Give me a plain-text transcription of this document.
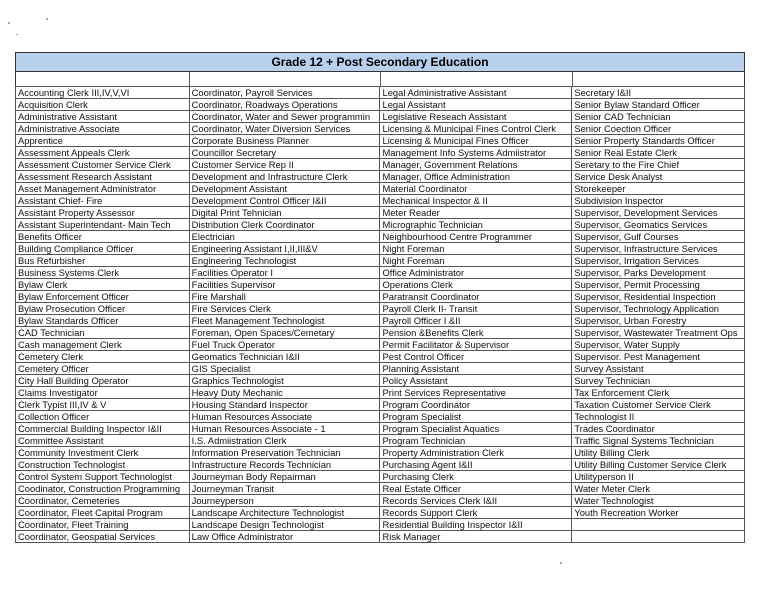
Grade 12 + Post Secondary Education
Accounting Clerk III,IV,V,VI	Coordinator, Payroll Services	Legal Administrative Assistant	Secretary I&II
Acquisition Clerk	Coordinator, Roadways Operations	Legal Assistant	Senior Bylaw Standard Officer
Administrative Assistant	Coordinator, Water and Sewer programmin	Legislative Reseach Assistant	Senior CAD Technician
Administrative Associate	Coordinator, Water Diversion Services	Licensing & Municipal Fines Control Clerk	Senior Coection Officer
Apprentice	Corporate Business Planner	Licensing & Municipal Fines Officer	Senior Property Standards Officer
Assessment Appeals Clerk	Councillor Secretary	Management Info Systems Admiistrator	Senior Real Estate Clerk
Assessment Customer Service Clerk	Customer Service Rep II	Manager, Government Relations	Seretary to the Fire Chief
Assessment Research Assistant	Development and Infrastructure Clerk	Manager, Office Administration	Service Desk Analyst
Asset Management Administrator	Development Assistant	Material Coordinator	Storekeeper
Assistant Chief- Fire	Development Control Officer I&II	Mechanical Inspector & II	Subdivision Inspector
Assistant Property Assessor	Digital Print Tehnician	Meter Reader	Supervisor, Development Services
Assistant Superintendant- Main Tech	Distribution Clerk Coordinator	Micrographic Technician	Supervisor, Geomatics Services
Benefits Officer	Electrician	Neighbourhood Centre Programmer	Supervisor, Gulf Courses
Building Compliance Officer	Engineering Assistant I,II,III&V	Night Foreman	Supervisor, Infrastructure Services
Bus Refurbisher	Engineering Technologist	Night Foreman	Supervisor, Irrigation Services
Business Systems Clerk	Facilities Operator I	Office Administrator	Supervisor, Parks Development
Bylaw Clerk	Facilities Supervisor	Operations Clerk	Supervisor, Permit Processing
Bylaw Enforcement Officer	Fire Marshall	Paratransit Coordinator	Supervisor, Residential Inspection
Bylaw Prosecution Officer	Fire Services Clerk	Payroll Clerk II- Transit	Supervisor, Technology Application
Bylaw Standards Officer	Fleet Management Technologist	Payroll Officer I &II	Supervisor, Urban Forestry
CAD Technician	Foreman, Open Spaces/Cemetary	Pension &Benefits Clerk	Supervisor, Wastewater Treatment Ops
Cash management Clerk	Fuel Truck Operator	Permit Facilitator & Supervisor	Supervisor, Water Supply
Cemetery Clerk	Geomatics Technician I&II	Pest Control Officer	Supervisor. Pest Management
Cemetery Officer	GIS Specialist	Planning Assistant	Survey Assistant
City Hall Building Operator	Graphics Technologist	Policy Assistant	Survey Technician
Claims Investigator	Heavy Duty Mechanic	Print Services Representative	Tax Enforcement Clerk
Clerk Typist III,IV & V	Housing Standard Inspector	Program Coordinator	Taxation Customer Service Clerk
Collection Officer	Human Resources Associate	Program Specialist	Technologist II
Commercial Building Inspector I&II	Human Resources Associate - 1	Program Specialist Aquatics	Trades Coordinator
Committee Assistant	I.S. Admiistration Clerk	Program Technician	Traffic Signal Systems Technician
Community Investment Clerk	Information Preservation Technician	Property Administration Clerk	Utility Billing Clerk
Construction Technologist	Infrastructure Records Technician	Purchasing Agent I&II	Utility Billing Customer Service Clerk
Control System Support Technologist	Journeyman Body Repairman	Purchasing Clerk	Utilityperson II
Coodinator, Construction Programming	Journeyman Transit	Real Estate Officer	Water Meter Clerk
Coordinator, Cemeteries	Journeyperson	Records Services Clerk I&II	Water Technologist
Coordinator, Fleet Capital Program	Landscape Architecture Technologist	Records Support Clerk	Youth Recreation Worker
Coordinator, Fleet Training	Landscape Design Technologist	Residential Building Inspector I&II	
Coordinator, Geospatial Services	Law Office Administrator	Risk Manager	
